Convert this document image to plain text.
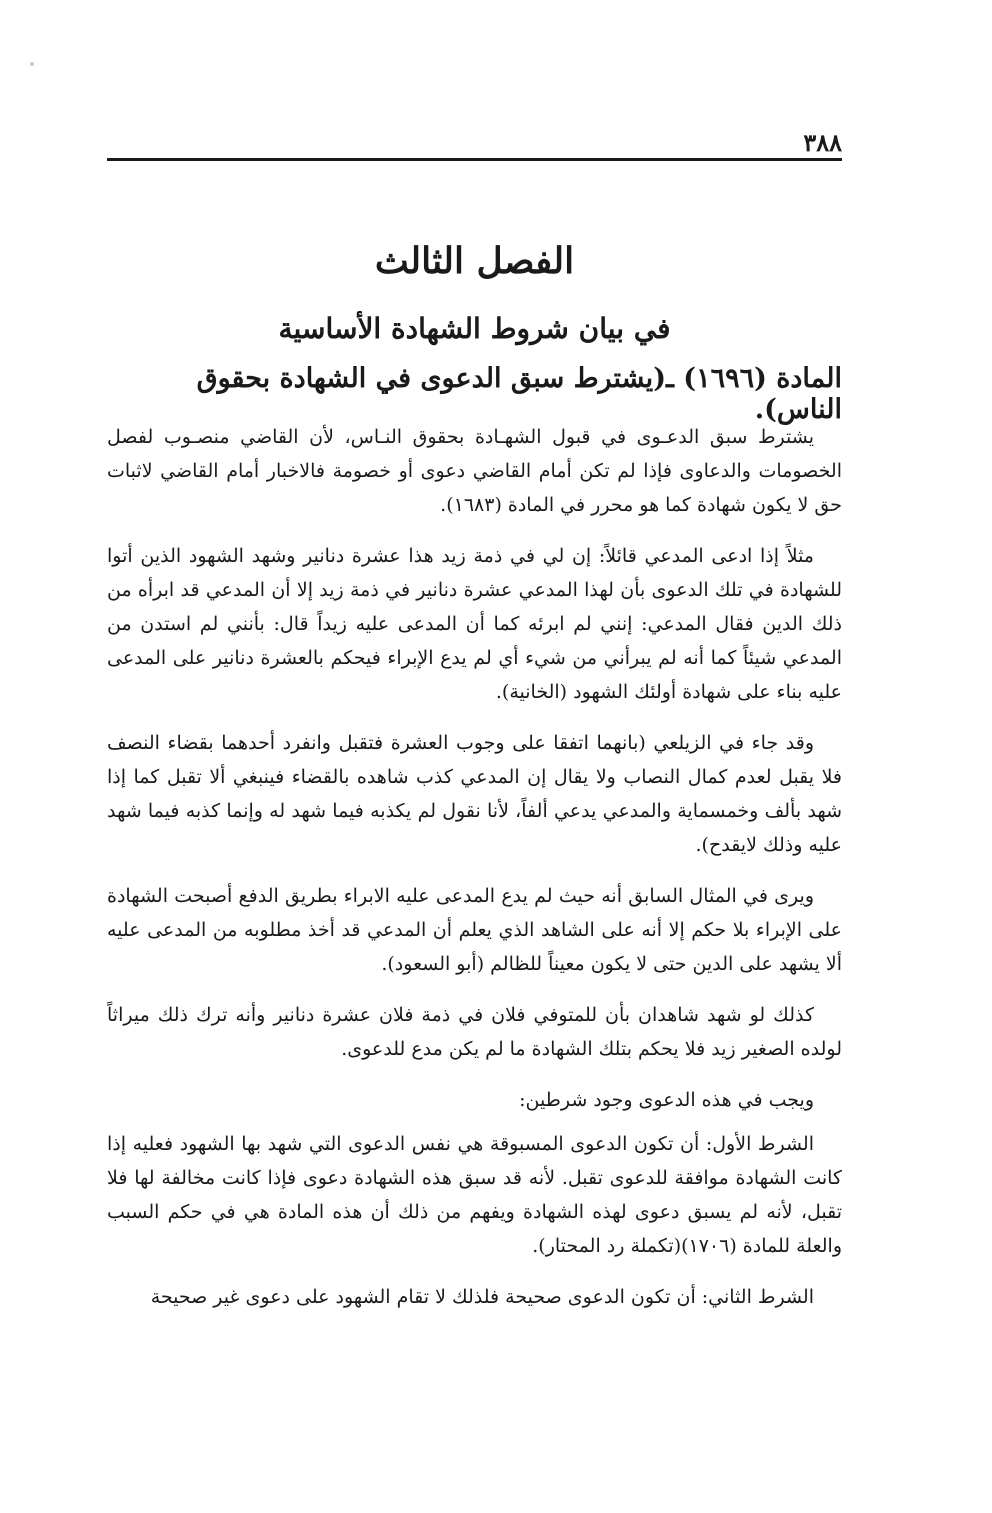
٣٨٨
الفصل الثالث
في بيان شروط الشهادة الأساسية
المادة (١٦٩٦) ـ(يشترط سبق الدعوى في الشهادة بحقوق الناس).

يشترط سبق الدعـوى في قبول الشهـادة بحقوق النـاس، لأن القاضي منصـوب لفصل الخصومات والدعاوى فإذا لم تكن أمام القاضي دعوى أو خصومة فالاخبار أمام القاضي لاثبات حق لا يكون شهادة كما هو محرر في المادة (١٦٨٣).

مثلاً إذا ادعى المدعي قائلاً: إن لي في ذمة زيد هذا عشرة دنانير وشهد الشهود الذين أتوا للشهادة في تلك الدعوى بأن لهذا المدعي عشرة دنانير في ذمة زيد إلا أن المدعي قد ابرأه من ذلك الدين فقال المدعي: إنني لم ابرئه كما أن المدعى عليه زيداً قال: بأنني لم استدن من المدعي شيئاً كما أنه لم يبرأني من شيء أي لم يدع الإبراء فيحكم بالعشرة دنانير على المدعى عليه بناء على شهادة أولئك الشهود (الخانية).

وقد جاء في الزيلعي (بانهما اتفقا على وجوب العشرة فتقبل وانفرد أحدهما بقضاء النصف فلا يقبل لعدم كمال النصاب ولا يقال إن المدعي كذب شاهده بالقضاء فينبغي ألا تقبل كما إذا شهد بألف وخمسماية والمدعي يدعي ألفاً، لأنا نقول لم يكذبه فيما شهد له وإنما كذبه فيما شهد عليه وذلك لايقدح).

ويرى في المثال السابق أنه حيث لم يدع المدعى عليه الابراء بطريق الدفع أصبحت الشهادة على الإبراء بلا حكم إلا أنه على الشاهد الذي يعلم أن المدعي قد أخذ مطلوبه من المدعى عليه ألا يشهد على الدين حتى لا يكون معيناً للظالم (أبو السعود).

كذلك لو شهد شاهدان بأن للمتوفي فلان في ذمة فلان عشرة دنانير وأنه ترك ذلك ميراثاً لولده الصغير زيد فلا يحكم بتلك الشهادة ما لم يكن مدع للدعوى.

ويجب في هذه الدعوى وجود شرطين:

الشرط الأول: أن تكون الدعوى المسبوقة هي نفس الدعوى التي شهد بها الشهود فعليه إذا كانت الشهادة موافقة للدعوى تقبل. لأنه قد سبق هذه الشهادة دعوى فإذا كانت مخالفة لها فلا تقبل، لأنه لم يسبق دعوى لهذه الشهادة ويفهم من ذلك أن هذه المادة هي في حكم السبب والعلة للمادة (١٧٠٦)(تكملة رد المحتار).

الشرط الثاني: أن تكون الدعوى صحيحة فلذلك لا تقام الشهود على دعوى غير صحيحة
